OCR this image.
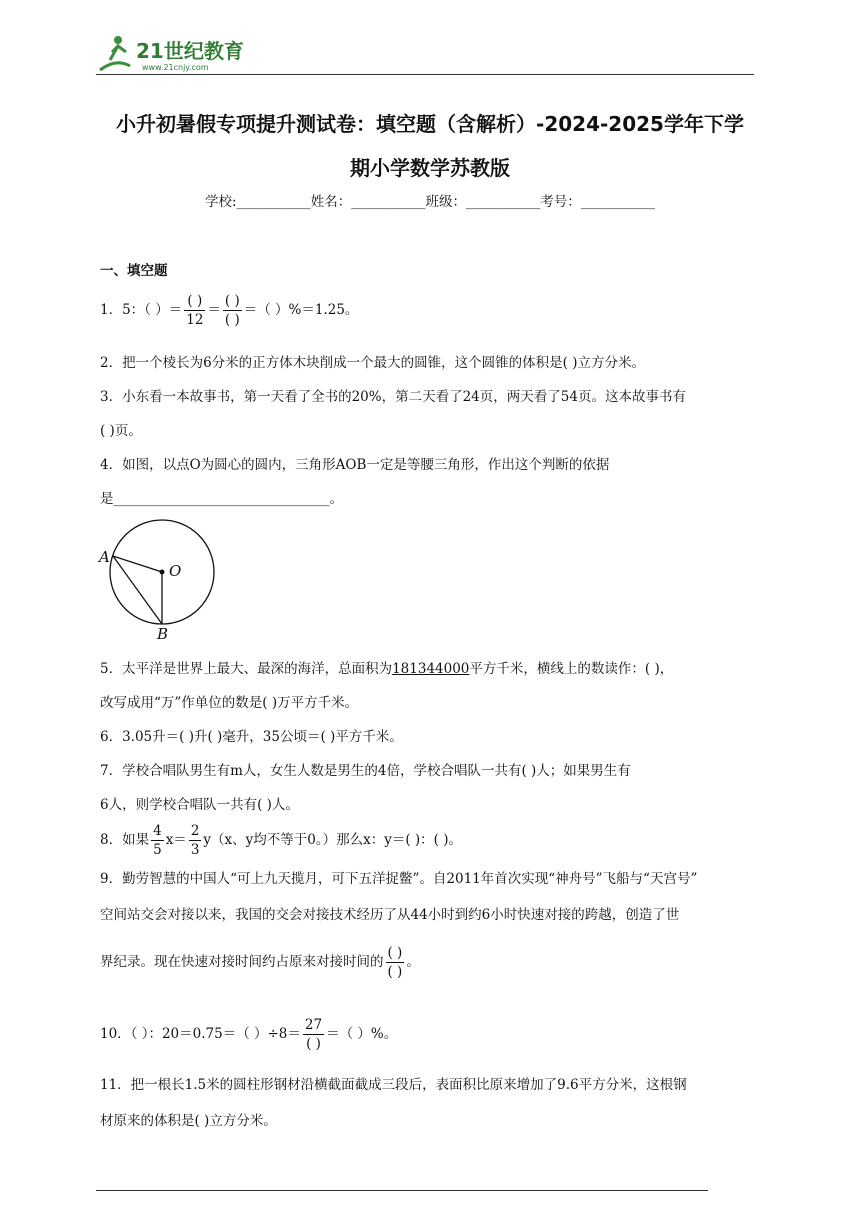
21世纪教育
www.21cnjy.com
小升初暑假专项提升测试卷：填空题（含解析）-2024-2025学年下学
期小学数学苏教版
学校:___________姓名：___________班级：___________考号：___________
一、填空题
1．5：（ ）＝ $\frac{( )}{12} = \frac{( )}{( )}$ ＝（ ）%＝1.25。
2．把一个棱长为6分米的正方体木块削成一个最大的圆锥，这个圆锥的体积是( )立方分米。
3．小东看一本故事书，第一天看了全书的20%，第二天看了24页，两天看了54页。这本故事书有
( )页。
4．如图，以点O为圆心的圆内，三角形AOB一定是等腰三角形，作出这个判断的依据
是________________________________。
A
O
B
5．太平洋是世界上最大、最深的海洋，总面积为181344000平方千米，横线上的数读作：( )，
改写成用“万”作单位的数是( )万平方千米。
6．3.05升＝( )升( )毫升，35公顷＝( )平方千米。
7．学校合唱队男生有m人，女生人数是男生的4倍，学校合唱队一共有( )人；如果男生有
6人，则学校合唱队一共有( )人。
8．如果 $\frac{4}{5} x= \frac{2}{3} y(x$、y均不等于0。）那么x：y＝( )：( )。
9．勤劳智慧的中国人“可上九天揽月，可下五洋捉鳖”。自2011年首次实现“神舟号”飞船与“天宫号”
空间站交会对接以来，我国的交会对接技术经历了从44小时到约6小时快速对接的跨越，创造了世
界纪录。现在快速对接时间约占原来对接时间的 $\frac{( )}{( )}$ 。
10．（ ）：20＝0.75＝（ ）$\div 8= \frac{27}{( )}$ ＝（ ）%。
11．把一根长1.5米的圆柱形钢材沿横截面截成三段后，表面积比原来增加了9.6平方分米，这根钢
材原来的体积是( )立方分米。
